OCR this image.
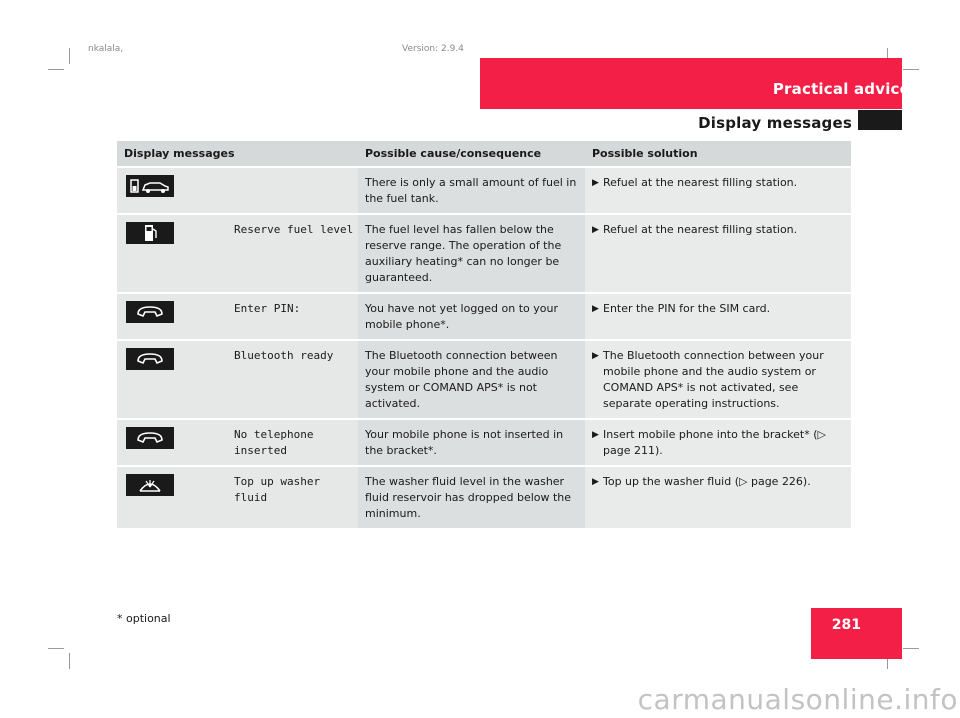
nkalala,	Version: 2.9.4
Practical advice
Display messages
Display messages		Possible cause/consequence	Possible solution

		There is only a small amount of fuel in the fuel tank.	▶ Refuel at the nearest filling station.

	Reserve fuel level	The fuel level has fallen below the reserve range. The operation of the auxiliary heating* can no longer be guaranteed.	▶ Refuel at the nearest filling station.

	Enter PIN:	You have not yet logged on to your mobile phone*.	▶ Enter the PIN for the SIM card.

	Bluetooth ready	The Bluetooth connection between your mobile phone and the audio system or COMAND APS* is not activated.	▶ The Bluetooth connection between your mobile phone and the audio system or COMAND APS* is not activated, see separate operating instructions.

	No telephone inserted	Your mobile phone is not inserted in the bracket*.	▶ Insert mobile phone into the bracket* (▷ page 211).

	Top up washer fluid	The washer fluid level in the washer fluid reservoir has dropped below the minimum.	▶ Top up the washer fluid (▷ page 226).
* optional	281
carmanualsonline.info
